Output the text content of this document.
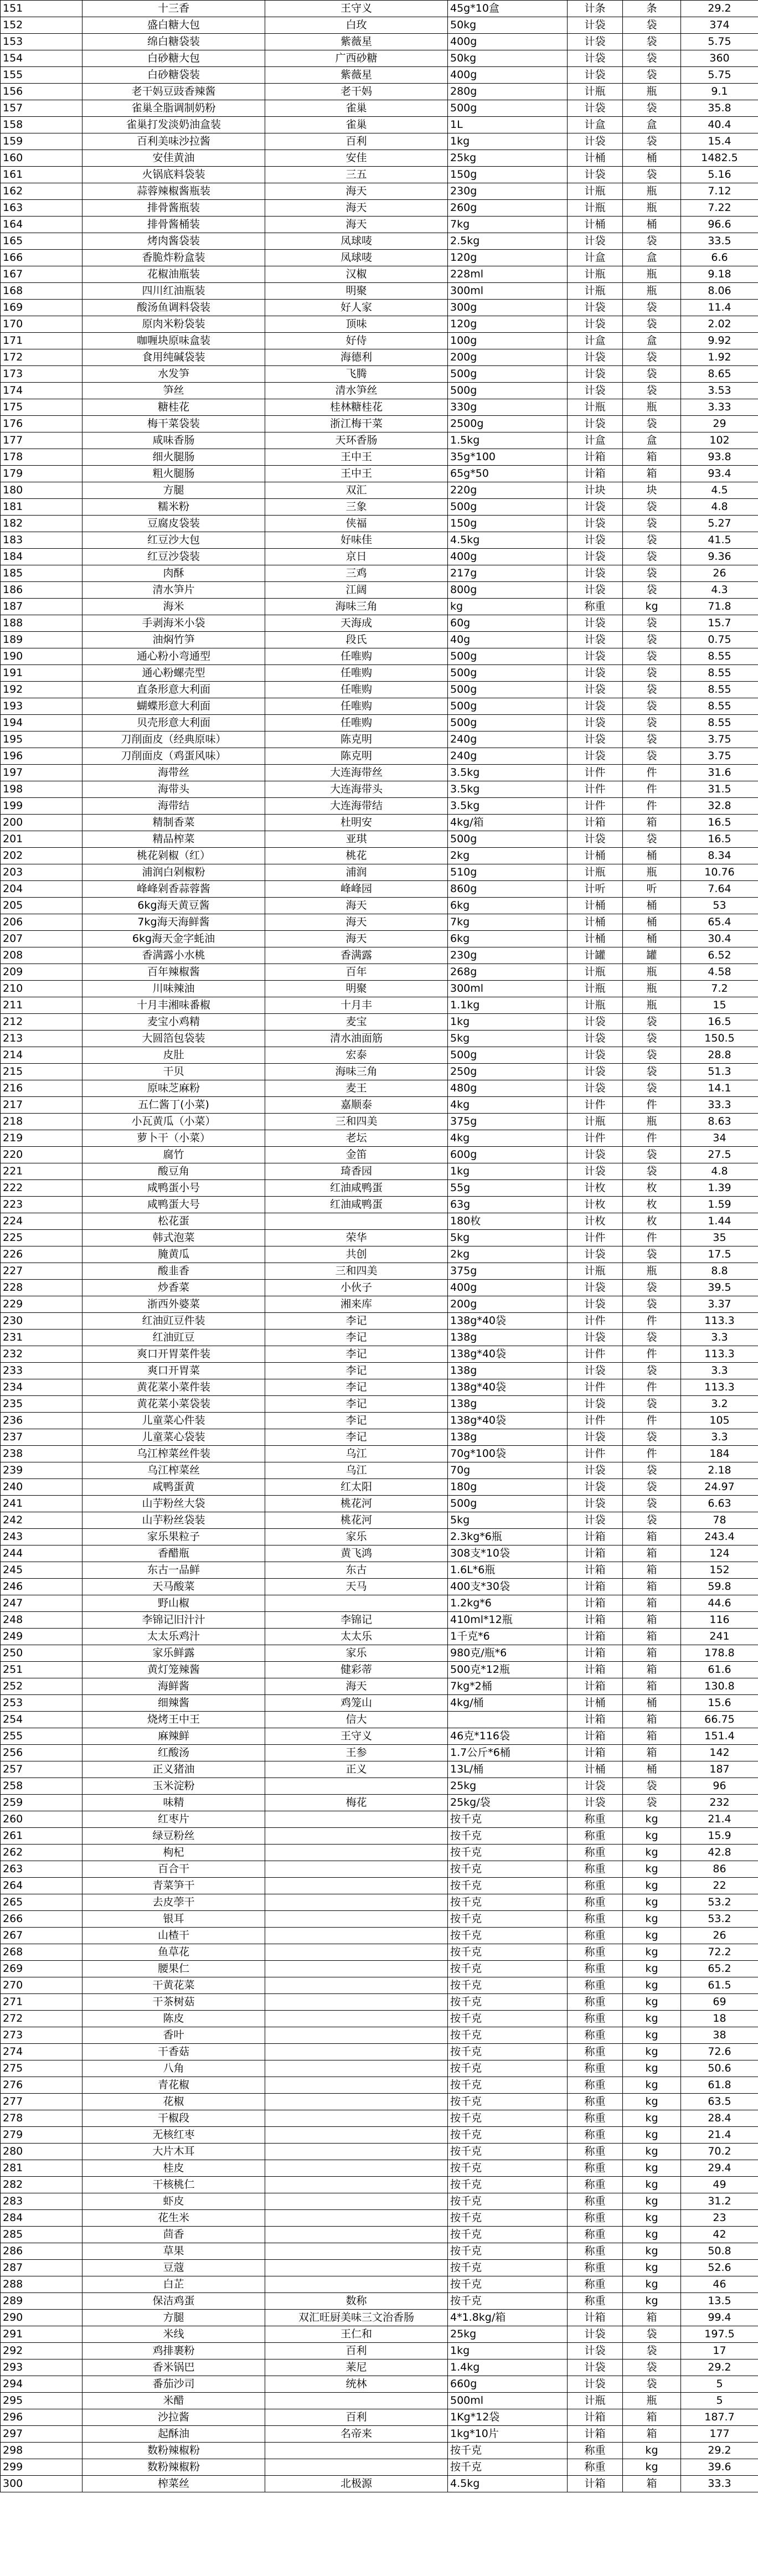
151	十三香	王守义	45g*10盒	计条	条	29.2
152	盛白糖大包	白玫	50kg	计袋	袋	374
153	绵白糖袋装	紫薇星	400g	计袋	袋	5.75
154	白砂糖大包	广西砂糖	50kg	计袋	袋	360
155	白砂糖袋装	紫薇星	400g	计袋	袋	5.75
156	老干妈豆豉香辣酱	老干妈	280g	计瓶	瓶	9.1
157	雀巢全脂调制奶粉	雀巢	500g	计袋	袋	35.8
158	雀巢打发淡奶油盒装	雀巢	1L	计盒	盒	40.4
159	百利美味沙拉酱	百利	1kg	计袋	袋	15.4
160	安佳黄油	安佳	25kg	计桶	桶	1482.5
161	火锅底料袋装	三五	150g	计袋	袋	5.16
162	蒜蓉辣椒酱瓶装	海天	230g	计瓶	瓶	7.12
163	排骨酱瓶装	海天	260g	计瓶	瓶	7.22
164	排骨酱桶装	海天	7kg	计桶	桶	96.6
165	烤肉酱袋装	凤球唛	2.5kg	计袋	袋	33.5
166	香脆炸粉盒装	凤球唛	120g	计盒	盒	6.6
167	花椒油瓶装	汉椒	228ml	计瓶	瓶	9.18
168	四川红油瓶装	明聚	300ml	计瓶	瓶	8.06
169	酸汤鱼调料袋装	好人家	300g	计袋	袋	11.4
170	原肉米粉袋装	顶味	120g	计袋	袋	2.02
171	咖喱块原味盒装	好侍	100g	计盒	盒	9.92
172	食用纯碱袋装	海德利	200g	计袋	袋	1.92
173	水发笋	飞腾	500g	计袋	袋	8.65
174	笋丝	清水笋丝	500g	计袋	袋	3.53
175	糖桂花	桂林糖桂花	330g	计瓶	瓶	3.33
176	梅干菜袋装	浙江梅干菜	2500g	计袋	袋	29
177	咸味香肠	天环香肠	1.5kg	计盒	盒	102
178	细火腿肠	王中王	35g*100	计箱	箱	93.8
179	粗火腿肠	王中王	65g*50	计箱	箱	93.4
180	方腿	双汇	220g	计块	块	4.5
181	糯米粉	三象	500g	计袋	袋	4.8
182	豆腐皮袋装	侠福	150g	计袋	袋	5.27
183	红豆沙大包	好味佳	4.5kg	计袋	袋	41.5
184	红豆沙袋装	京日	400g	计袋	袋	9.36
185	肉酥	三鸡	217g	计袋	袋	26
186	清水笋片	江阔	800g	计袋	袋	4.3
187	海米	海味三角	kg	称重	kg	71.8
188	手剥海米小袋	天海成	60g	计袋	袋	15.7
189	油焖竹笋	段氏	40g	计袋	袋	0.75
190	通心粉小弯通型	任唯购	500g	计袋	袋	8.55
191	通心粉螺壳型	任唯购	500g	计袋	袋	8.55
192	直条形意大利面	任唯购	500g	计袋	袋	8.55
193	蝴蝶形意大利面	任唯购	500g	计袋	袋	8.55
194	贝壳形意大利面	任唯购	500g	计袋	袋	8.55
195	刀削面皮（经典原味）	陈克明	240g	计袋	袋	3.75
196	刀削面皮（鸡蛋风味）	陈克明	240g	计袋	袋	3.75
197	海带丝	大连海带丝	3.5kg	计件	件	31.6
198	海带头	大连海带头	3.5kg	计件	件	31.5
199	海带结	大连海带结	3.5kg	计件	件	32.8
200	精制香菜	杜明安	4kg/箱	计箱	箱	16.5
201	精品榨菜	亚琪	500g	计袋	袋	16.5
202	桃花剁椒（红）	桃花	2kg	计桶	桶	8.34
203	浦润白剁椒粉	浦润	510g	计瓶	瓶	10.76
204	峰峰剁香蒜蓉酱	峰峰园	860g	计听	听	7.64
205	6kg海天黄豆酱	海天	6kg	计桶	桶	53
206	7kg海天海鲜酱	海天	7kg	计桶	桶	65.4
207	6kg海天金字蚝油	海天	6kg	计桶	桶	30.4
208	香满露小水桃	香满露	230g	计罐	罐	6.52
209	百年辣椒酱	百年	268g	计瓶	瓶	4.58
210	川味辣油	明聚	300ml	计瓶	瓶	7.2
211	十月丰湘味番椒	十月丰	1.1kg	计瓶	瓶	15
212	麦宝小鸡精	麦宝	1kg	计袋	袋	16.5
213	大圆箔包袋装	清水油面筋	5kg	计袋	袋	150.5
214	皮肚	宏泰	500g	计袋	袋	28.8
215	干贝	海味三角	250g	计袋	袋	51.3
216	原味芝麻粉	麦王	480g	计袋	袋	14.1
217	五仁酱丁(小菜)	嘉顺泰	4kg	计件	件	33.3
218	小瓦黄瓜（小菜）	三和四美	375g	计瓶	瓶	8.63
219	萝卜干（小菜）	老坛	4kg	计件	件	34
220	腐竹	金笛	600g	计袋	袋	27.5
221	酸豆角	琦香园	1kg	计袋	袋	4.8
222	咸鸭蛋小号	红油咸鸭蛋	55g	计枚	枚	1.39
223	咸鸭蛋大号	红油咸鸭蛋	63g	计枚	枚	1.59
224	松花蛋		180枚	计枚	枚	1.44
225	韩式泡菜	荣华	5kg	计件	件	35
226	腌黄瓜	共创	2kg	计袋	袋	17.5
227	酸韭香	三和四美	375g	计瓶	瓶	8.8
228	炒香菜	小伙子	400g	计袋	袋	39.5
229	浙西外婆菜	湘来库	200g	计袋	袋	3.37
230	红油豇豆件装	李记	138g*40袋	计件	件	113.3
231	红油豇豆	李记	138g	计袋	袋	3.3
232	爽口开胃菜件装	李记	138g*40袋	计件	件	113.3
233	爽口开胃菜	李记	138g	计袋	袋	3.3
234	黄花菜小菜件装	李记	138g*40袋	计件	件	113.3
235	黄花菜小菜袋装	李记	138g	计袋	袋	3.2
236	儿童菜心件装	李记	138g*40袋	计件	件	105
237	儿童菜心袋装	李记	138g	计袋	袋	3.3
238	乌江榨菜丝件装	乌江	70g*100袋	计件	件	184
239	乌江榨菜丝	乌江	70g	计袋	袋	2.18
240	咸鸭蛋黄	红太阳	180g	计袋	袋	24.97
241	山芋粉丝大袋	桃花河	500g	计袋	袋	6.63
242	山芋粉丝袋装	桃花河	5kg	计袋	袋	78
243	家乐果粒子	家乐	2.3kg*6瓶	计箱	箱	243.4
244	香醋瓶	黄飞鸿	308支*10袋	计箱	箱	124
245	东古一品鲜	东古	1.6L*6瓶	计箱	箱	152
246	天马酸菜	天马	400支*30袋	计箱	箱	59.8
247	野山椒		1.2kg*6	计箱	箱	44.6
248	李锦记旧汁汁	李锦记	410ml*12瓶	计箱	箱	116
249	太太乐鸡汁	太太乐	1千克*6	计箱	箱	241
250	家乐鲜露	家乐	980克/瓶*6	计箱	箱	178.8
251	黄灯笼辣酱	健彩蒂	500克*12瓶	计箱	箱	61.6
252	海鲜酱	海天	7kg*2桶	计箱	箱	130.8
253	细辣酱	鸡笼山	4kg/桶	计桶	桶	15.6
254	烧烤王中王	信大		计箱	箱	66.75
255	麻辣鲜	王守义	46克*116袋	计箱	箱	151.4
256	红酸汤	王参	1.7公斤*6桶	计箱	箱	142
257	正义猪油	正义	13L/桶	计桶	桶	187
258	玉米淀粉		25kg	计袋	袋	96
259	味精	梅花	25kg/袋	计袋	袋	232
260	红枣片		按千克	称重	kg	21.4
261	绿豆粉丝		按千克	称重	kg	15.9
262	枸杞		按千克	称重	kg	42.8
263	百合干		按千克	称重	kg	86
264	青菜笋干		按千克	称重	kg	22
265	去皮荸干		按千克	称重	kg	53.2
266	银耳		按千克	称重	kg	53.2
267	山楂干		按千克	称重	kg	26
268	鱼草花		按千克	称重	kg	72.2
269	腰果仁		按千克	称重	kg	65.2
270	干黄花菜		按千克	称重	kg	61.5
271	干茶树菇		按千克	称重	kg	69
272	陈皮		按千克	称重	kg	18
273	香叶		按千克	称重	kg	38
274	干香菇		按千克	称重	kg	72.6
275	八角		按千克	称重	kg	50.6
276	青花椒		按千克	称重	kg	61.8
277	花椒		按千克	称重	kg	63.5
278	干椒段		按千克	称重	kg	28.4
279	无核红枣		按千克	称重	kg	21.4
280	大片木耳		按千克	称重	kg	70.2
281	桂皮		按千克	称重	kg	29.4
282	干核桃仁		按千克	称重	kg	49
283	虾皮		按千克	称重	kg	31.2
284	花生米		按千克	称重	kg	23
285	茴香		按千克	称重	kg	42
286	草果		按千克	称重	kg	50.8
287	豆蔻		按千克	称重	kg	52.6
288	白芷		按千克	称重	kg	46
289	保洁鸡蛋	数称	按千克	称重	kg	13.5
290	方腿	双汇旺厨美味三文治香肠	4*1.8kg/箱	计箱	箱	99.4
291	米线	王仁和	25kg	计袋	袋	197.5
292	鸡排裹粉	百利	1kg	计袋	袋	17
293	香米锅巴	莱尼	1.4kg	计袋	袋	29.2
294	番茄沙司	统林	660g	计袋	袋	5
295	米醋		500ml	计瓶	瓶	5
296	沙拉酱	百利	1Kg*12袋	计箱	箱	187.7
297	起酥油	名帝来	1kg*10片	计箱	箱	177
298	数粉辣椒粉		按千克	称重	kg	29.2
299	数粉辣椒粉		按千克	称重	kg	39.6
300	榨菜丝	北极源	4.5kg	计箱	箱	33.3
